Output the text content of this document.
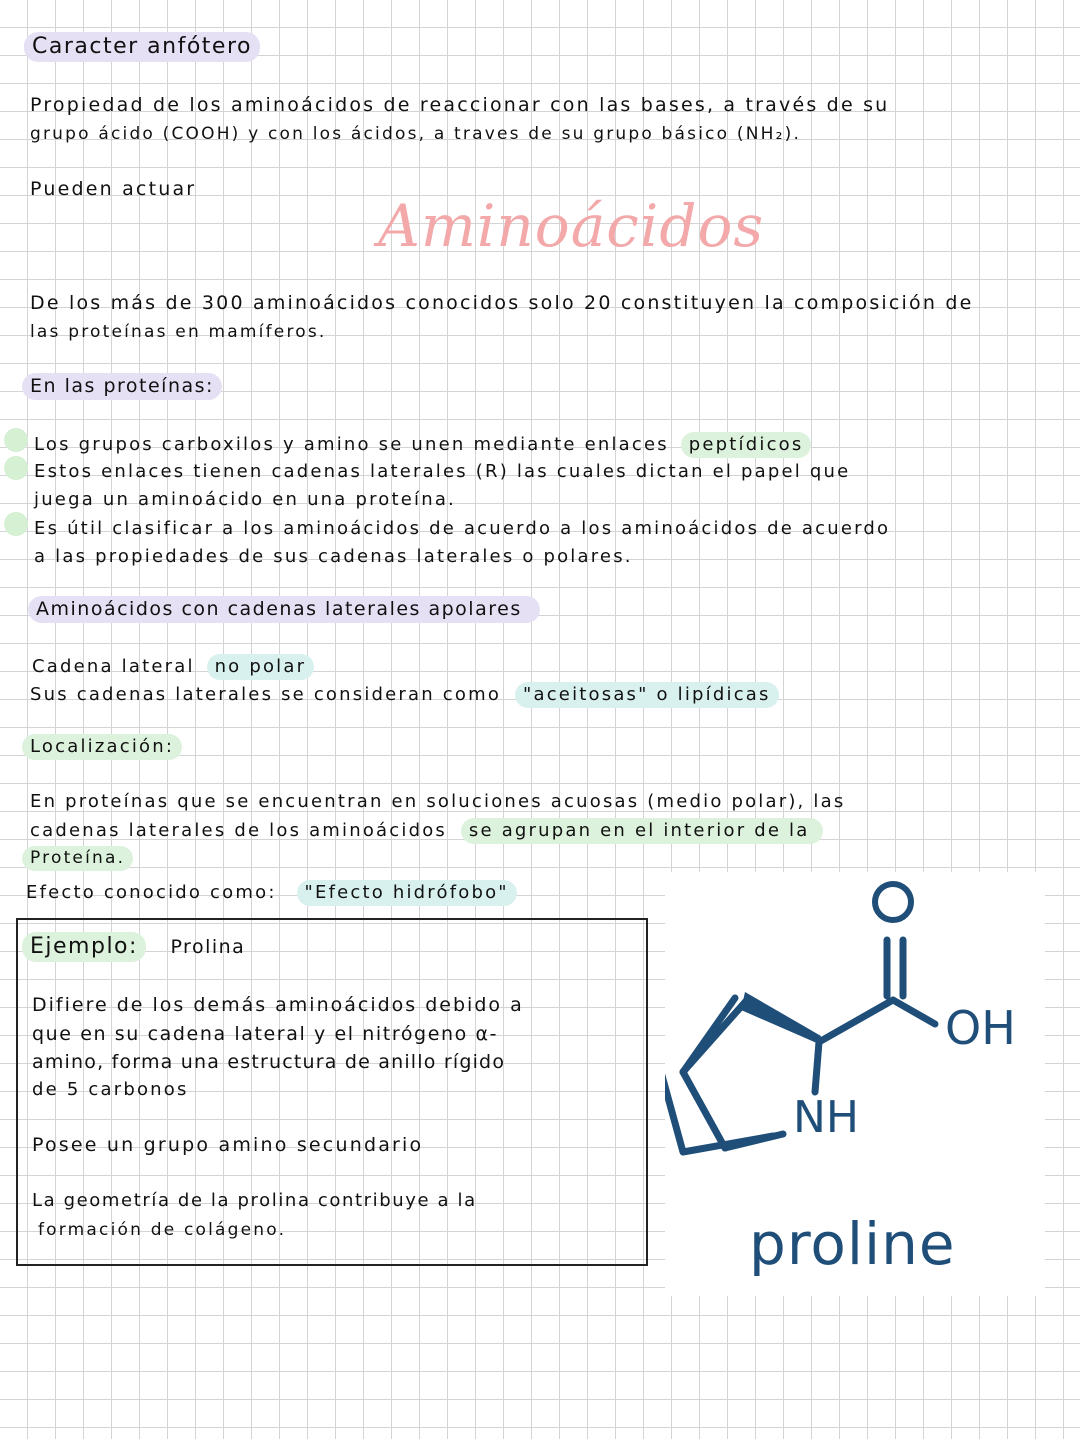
Caracter anfótero
Propiedad de los aminoácidos de reaccionar con las bases, a través de su
grupo ácido (COOH) y con los ácidos, a traves de su grupo básico (NH₂).
Pueden actuar
Aminoácidos
De los más de 300 aminoácidos conocidos solo 20 constituyen la composición de
las proteínas en mamíferos.
En las proteínas:
Los grupos carboxilos y amino se unen mediante enlaces peptídicos
Estos enlaces tienen cadenas laterales (R) las cuales dictan el papel que
juega un aminoácido en una proteína.
Es útil clasificar a los aminoácidos de acuerdo a los aminoácidos de acuerdo
a las propiedades de sus cadenas laterales o polares.
Aminoácidos con cadenas laterales apolares
Cadena lateral no polar
Sus cadenas laterales se consideran como "aceitosas" o lipídicas
Localización:
En proteínas que se encuentran en soluciones acuosas (medio polar), las
cadenas laterales de los aminoácidos se agrupan en el interior de la
Proteína.
Efecto conocido como: "Efecto hidrófobo"
Ejemplo: Prolina
Difiere de los demás aminoácidos debido a
que en su cadena lateral y el nitrógeno α-
amino, forma una estructura de anillo rígido
de 5 carbonos
Posee un grupo amino secundario
La geometría de la prolina contribuye a la
formación de colágeno.
OH
NH
proline
